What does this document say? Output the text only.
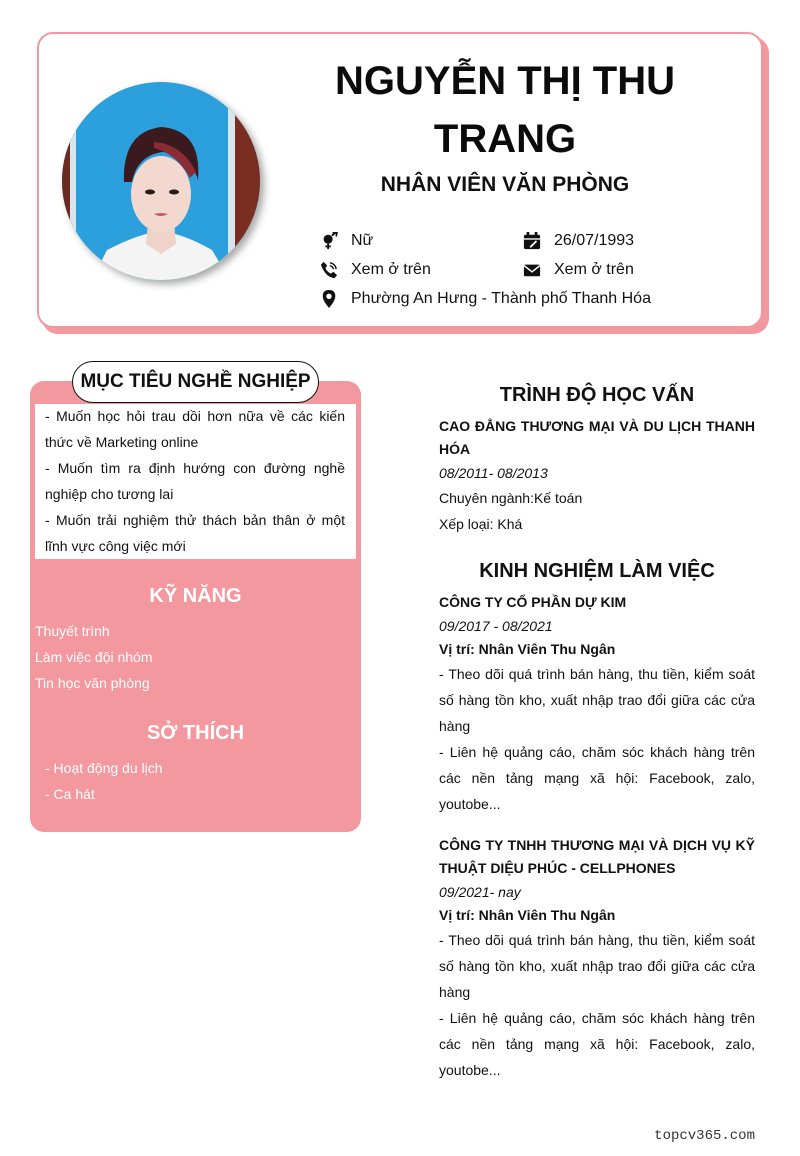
NGUYỄN THỊ THU
TRANG
NHÂN VIÊN VĂN PHÒNG
Nữ	26/07/1993
Xem ở trên	Xem ở trên
Phường An Hưng - Thành phố Thanh Hóa
MỤC TIÊU NGHỀ NGHIỆP

- Muốn học hỏi trau dồi hơn nữa về các kiến thức về Marketing online

- Muốn tìm ra định hướng con đường nghề nghiệp cho tương lai

- Muốn trải nghiệm thử thách bản thân ở một lĩnh vực công việc mới

KỸ NĂNG
Thuyết trình
Làm việc đội nhóm
Tin học văn phòng
SỞ THÍCH
- Hoạt động du lịch
- Ca hát
TRÌNH ĐỘ HỌC VẤN
CAO ĐẲNG THƯƠNG MẠI VÀ DU LỊCH THANH HÓA
08/2011- 08/2013
Chuyên ngành:Kế toán
Xếp loại: Khá
KINH NGHIỆM LÀM VIỆC
CÔNG TY CỔ PHẦN DỰ KIM
09/2017 - 08/2021
Vị trí: Nhân Viên Thu Ngân
- Theo dõi quá trình bán hàng, thu tiền, kiểm soát số hàng tồn kho, xuất nhập trao đổi giữa các cửa hàng
- Liên hệ quảng cáo, chăm sóc khách hàng trên các nền tảng mạng xã hội: Facebook, zalo, youtobe...
CÔNG TY TNHH THƯƠNG MẠI VÀ DỊCH VỤ KỸ THUẬT DIỆU PHÚC - CELLPHONES
09/2021- nay
Vị trí: Nhân Viên Thu Ngân
- Theo dõi quá trình bán hàng, thu tiền, kiểm soát số hàng tồn kho, xuất nhập trao đổi giữa các cửa hàng
- Liên hệ quảng cáo, chăm sóc khách hàng trên các nền tảng mạng xã hội: Facebook, zalo, youtobe...
topcv365.com
